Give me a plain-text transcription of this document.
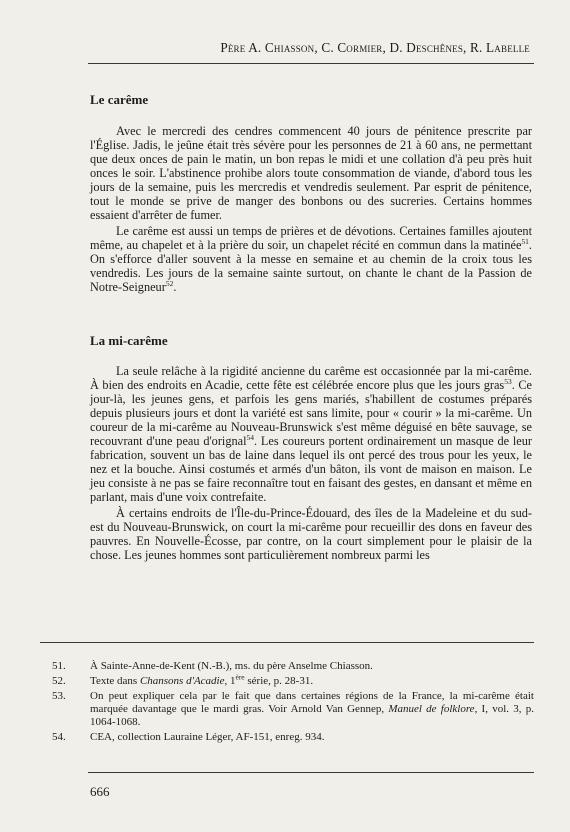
Père A. Chiasson, C. Cormier, D. Deschênes, R. Labelle
Le carême

Avec le mercredi des cendres commencent 40 jours de pénitence prescrite par l'Église. Jadis, le jeûne était très sévère pour les personnes de 21 à 60 ans, ne permettant que deux onces de pain le matin, un bon repas le midi et une collation d'à peu près huit onces le soir. L'abstinence prohibe alors toute consommation de viande, d'abord tous les jours de la semaine, puis les mercredis et vendredis seulement. Par esprit de pénitence, tout le monde se prive de manger des bonbons ou des sucreries. Certains hommes essaient d'arrêter de fumer.

Le carême est aussi un temps de prières et de dévotions. Certaines familles ajoutent même, au chapelet et à la prière du soir, un chapelet récité en commun dans la matinée$^{51}$. On s'efforce d'aller souvent à la messe en semaine et au chemin de la croix tous les vendredis. Les jours de la semaine sainte surtout, on chante le chant de la Passion de Notre-Seigneur$^{52}$.

La mi-carême

La seule relâche à la rigidité ancienne du carême est occasionnée par la mi-carême. À bien des endroits en Acadie, cette fête est célébrée encore plus que les jours gras$^{53}$. Ce jour-là, les jeunes gens, et parfois les gens mariés, s'habillent de costumes préparés depuis plusieurs jours et dont la variété est sans limite, pour « courir » la mi-carême. Un coureur de la mi-carême au Nouveau-Brunswick s'est même déguisé en bête sauvage, se recouvrant d'une peau d'orignal$^{54}$. Les coureurs portent ordinairement un masque de leur fabrication, souvent un bas de laine dans lequel ils ont percé des trous pour les yeux, le nez et la bouche. Ainsi costumés et armés d'un bâton, ils vont de maison en maison. Le jeu consiste à ne pas se faire reconnaître tout en faisant des gestes, en dansant et même en parlant, mais d'une voix contrefaite.

À certains endroits de l'Île-du-Prince-Édouard, des îles de la Madeleine et du sud-est du Nouveau-Brunswick, on court la mi-carême pour recueillir des dons en faveur des pauvres. En Nouvelle-Écosse, par contre, on la court simplement pour le plaisir de la chose. Les jeunes hommes sont particulièrement nombreux parmi les

51.	À Sainte-Anne-de-Kent (N.-B.), ms. du père Anselme Chiasson.
52.	Texte dans Chansons d'Acadie, 1ère série, p. 28-31.
53.	On peut expliquer cela par le fait que dans certaines régions de la France, la mi-carême était marquée davantage que le mardi gras. Voir Arnold Van Gennep, Manuel de folklore, I, vol. 3, p. 1064-1068.
54.	CEA, collection Lauraine Léger, AF-151, enreg. 934.
666
